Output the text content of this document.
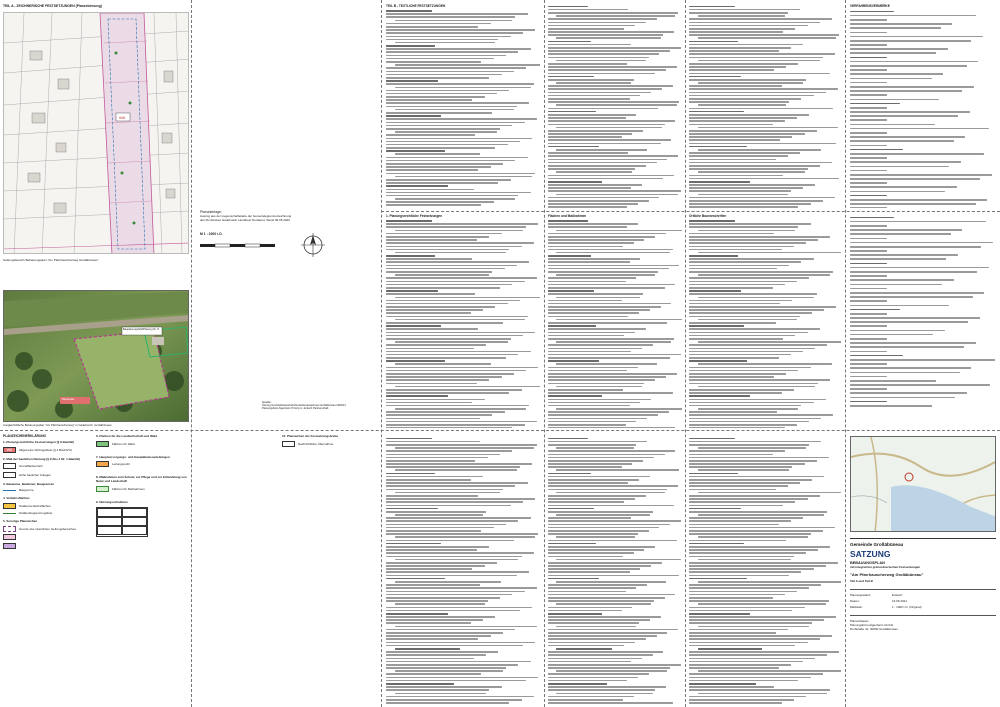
TEIL A - ZEICHNERISCHE FESTSETZUNGEN (Planzeichnung)
WA
Geltungsbereich Bebauungsplan "Am Pfarrhauscherweg Großäbüneau"
Planunterlage:
Auszug aus der Liegenschaftskarte der Gemeindegrenzenzeichnung
des Flurstückes Gadebusch Landkreis Nordwest; Stand 09.05.2020
M 1 : 1000 i.O.
Bauplanungsfeld/Planung Nr. 8
Baufenster
Quelle:
Auszug Grundstücksverkehr/Gutachterausschuss Großäbüneau 2020/21
Planungsbüro Algenheim Prinzip A. Jentsch Partnerschaft
Ausgleichsfläche Bebauungsplan "Am Pfarrhauscherweg" in Gadebusch, Großäbüneau
TEIL B - TEXTLICHE FESTSETZUNGEN	VERFAHRENSVERMERKE
1. Planungsrechtliche Festsetzungen	Flächen und Maßnahmen	Örtliche Bauvorschriften
PLANZEICHENERKLÄRUNG
1. Planungsrechtliche Festsetzungen (§ 9 BauGB)
WA	Allgemeine Wohngebiete (§ 4 BauNVO)
2. Maß der baulichen Nutzung (§ 9 Abs.1 Nr. 1 BauGB)
Grundflächenzahl
Höhe baulicher Anlagen
3. Bauweise, Baulinien, Baugrenzen
Baugrenze
4. Verkehrsflächen
Straßenverkehrsflächen
Straßenbegrenzungslinie
5. Sonstige Planzeichen
Grenze des räumlichen Geltungsbereiches
6. Flächen für die Landwirtschaft und Wald
Flächen für Wald
7. Hauptversorgungs- und Hauptabwasserleitungen
Leitungsrecht
8. Maßnahmen zum Schutz, zur Pflege und zur Entwicklung von Natur und Landschaft
Flächen für Maßnahmen
9. Nutzungsschablone
10. Planzeichen der Festsetzungsbreite
Nachrichtliche Übernahme
Gemeinde Großäbüneau
SATZUNG
BEBAUUNGSPLAN
mit integrierten grünordnerischen Festsetzungen
"Am Pfarrhauscherweg Großäbüneau"
Teil A und Teil B
Planungsstand:	Entwurf
Datum:	16.06.2021
Maßstab:	1 : 1000 i.O. (Original)
Planverfasser:
Planungsbüro Algenheim GmbH
Dorfstraße 41, 00000 Großäbüneau
